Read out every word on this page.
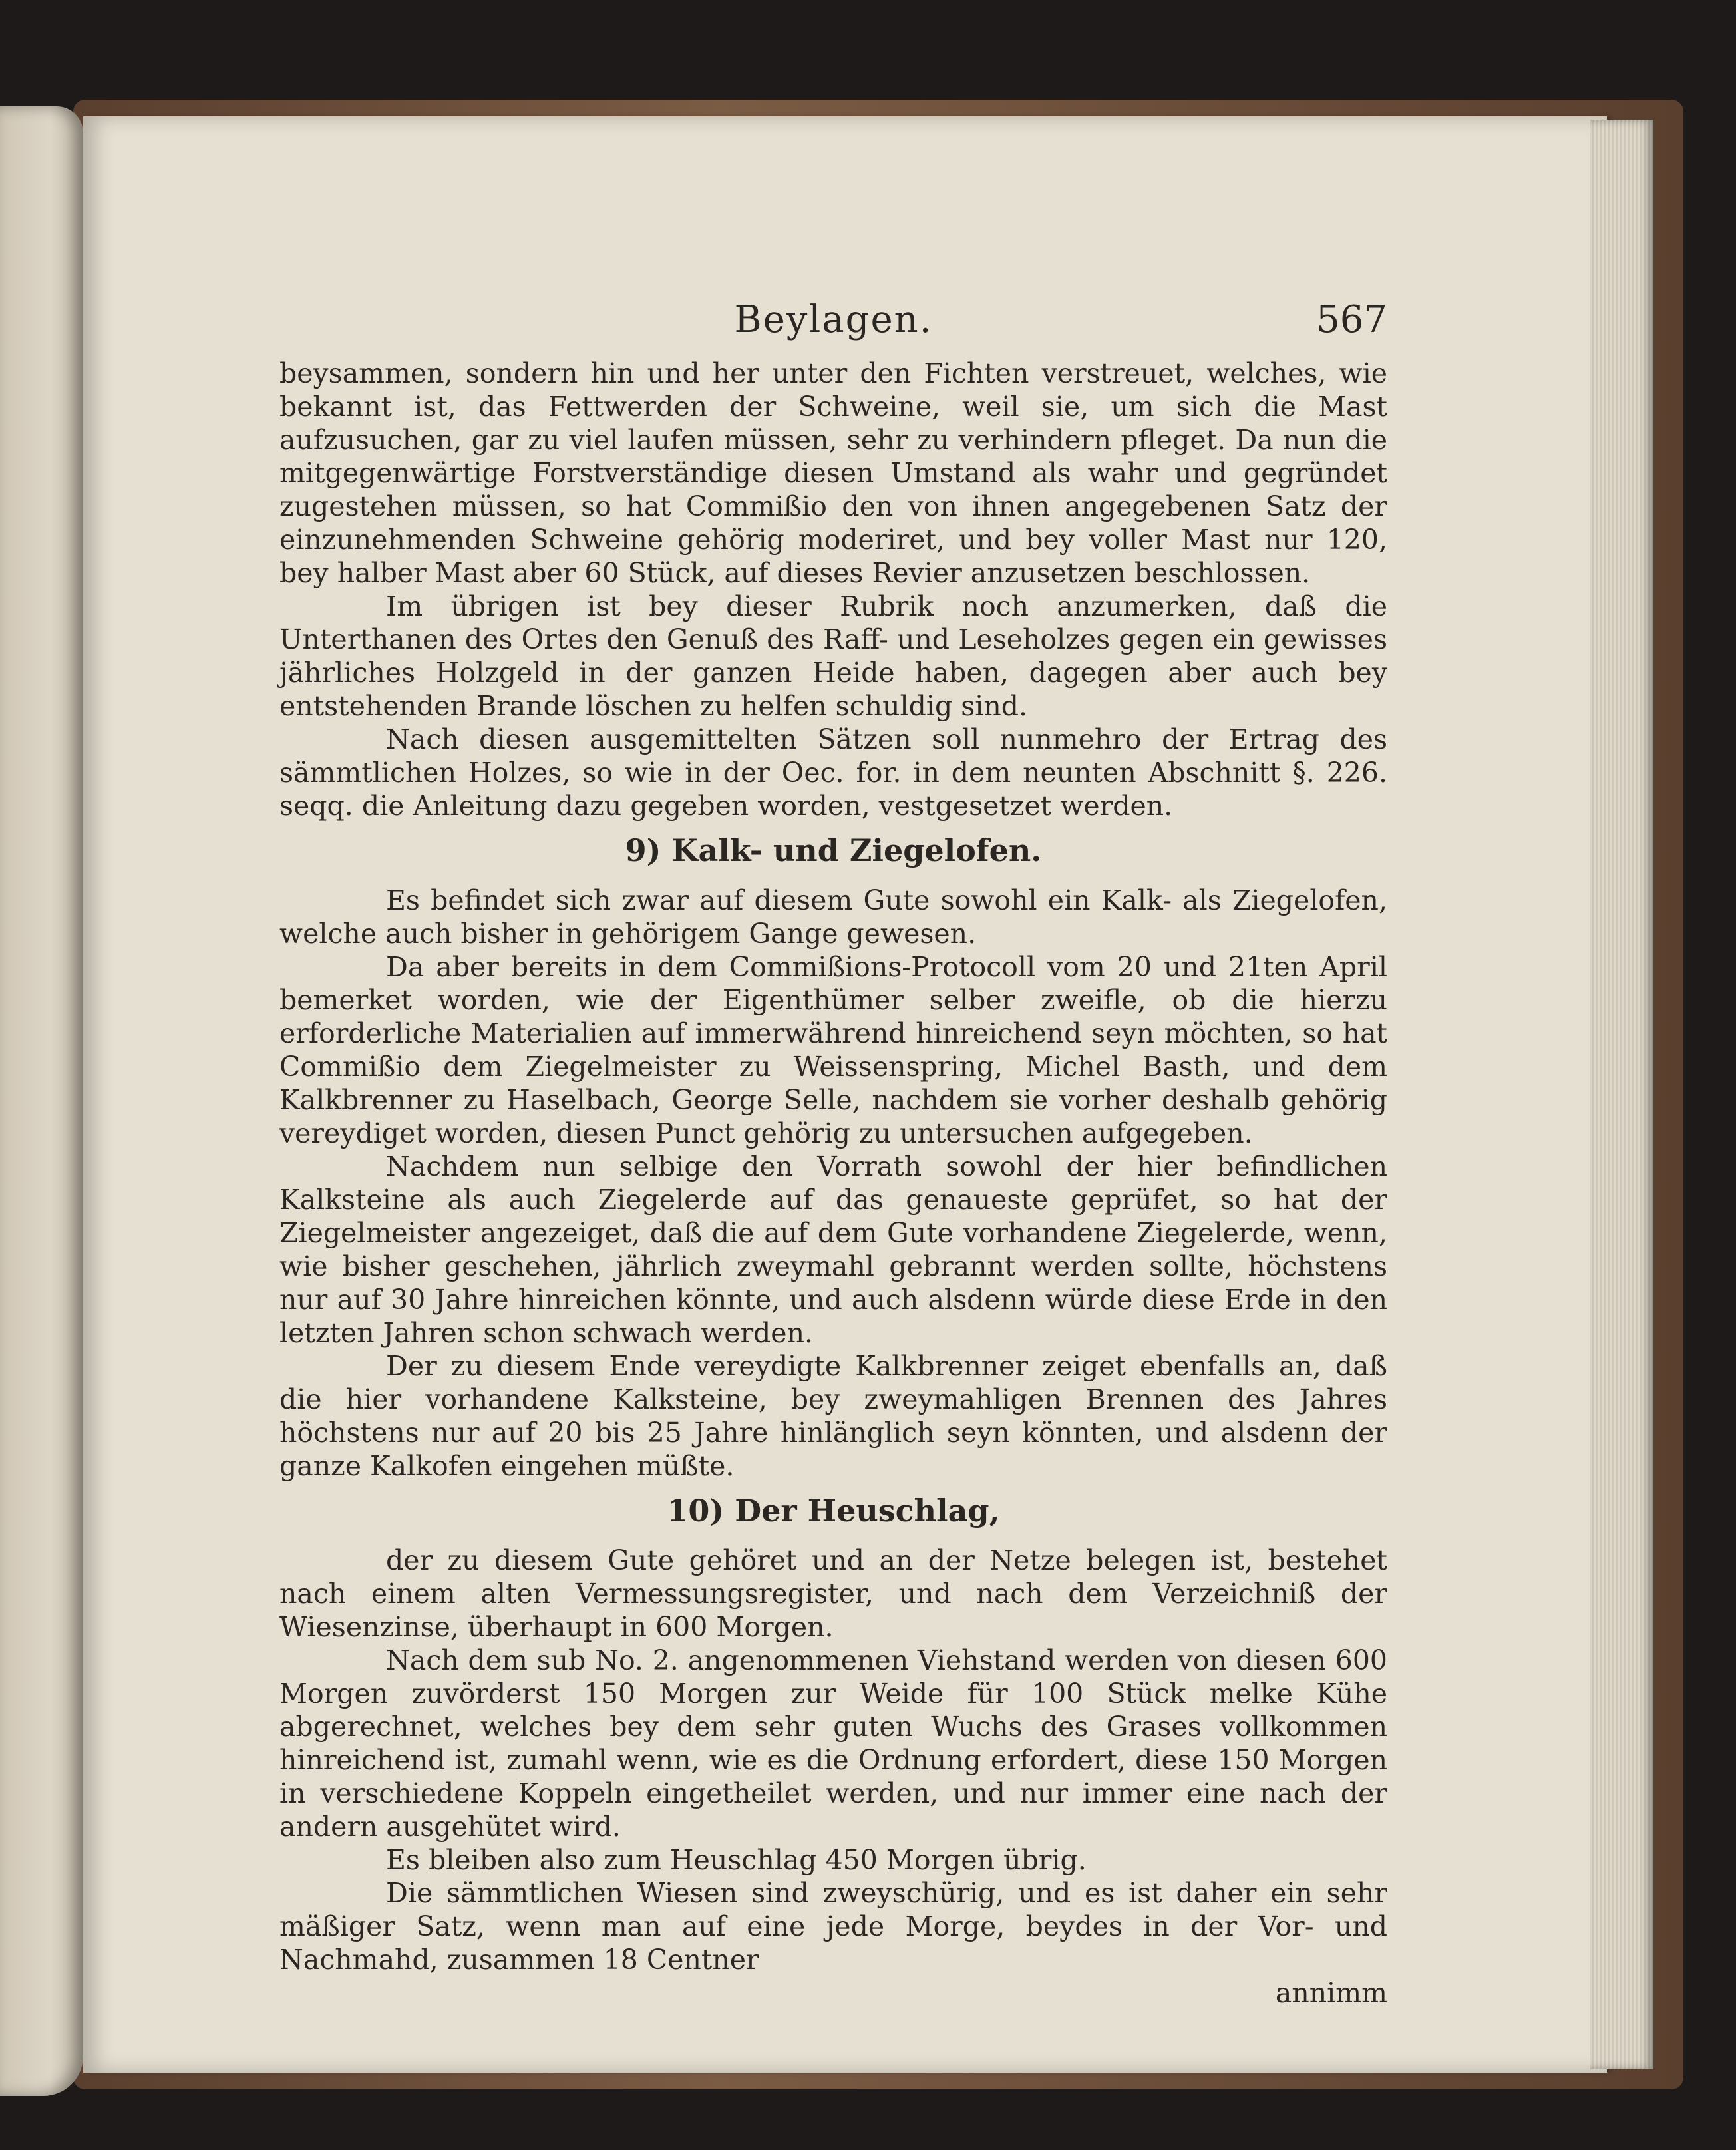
Beylagen.	567

beysammen, sondern hin und her unter den Fichten verstreuet, welches, wie bekannt ist, das Fettwerden der Schweine, weil sie, um sich die Mast aufzusuchen, gar zu viel laufen müssen, sehr zu verhindern pfleget. Da nun die mitgegenwärtige Forstverständige diesen Umstand als wahr und gegründet zugestehen müssen, so hat Commißio den von ihnen angegebenen Satz der einzunehmenden Schweine gehörig moderiret, und bey voller Mast nur 120, bey halber Mast aber 60 Stück, auf dieses Revier anzusetzen beschlossen.

Im übrigen ist bey dieser Rubrik noch anzumerken, daß die Unterthanen des Ortes den Genuß des Raff- und Leseholzes gegen ein gewisses jährliches Holzgeld in der ganzen Heide haben, dagegen aber auch bey entstehenden Brande löschen zu helfen schuldig sind.

Nach diesen ausgemittelten Sätzen soll nunmehro der Ertrag des sämmtlichen Holzes, so wie in der Oec. for. in dem neunten Abschnitt §. 226. seqq. die Anleitung dazu gegeben worden, vestgesetzet werden.

9) Kalk- und Ziegelofen.

Es befindet sich zwar auf diesem Gute sowohl ein Kalk- als Ziegelofen, welche auch bisher in gehörigem Gange gewesen.

Da aber bereits in dem Commißions-Protocoll vom 20 und 21ten April bemerket worden, wie der Eigenthümer selber zweifle, ob die hierzu erforderliche Materialien auf immerwährend hinreichend seyn möchten, so hat Commißio dem Ziegelmeister zu Weissenspring, Michel Basth, und dem Kalkbrenner zu Haselbach, George Selle, nachdem sie vorher deshalb gehörig vereydiget worden, diesen Punct gehörig zu untersuchen aufgegeben.

Nachdem nun selbige den Vorrath sowohl der hier befindlichen Kalksteine als auch Ziegelerde auf das genaueste geprüfet, so hat der Ziegelmeister angezeiget, daß die auf dem Gute vorhandene Ziegelerde, wenn, wie bisher geschehen, jährlich zweymahl gebrannt werden sollte, höchstens nur auf 30 Jahre hinreichen könnte, und auch alsdenn würde diese Erde in den letzten Jahren schon schwach werden.

Der zu diesem Ende vereydigte Kalkbrenner zeiget ebenfalls an, daß die hier vorhandene Kalksteine, bey zweymahligen Brennen des Jahres höchstens nur auf 20 bis 25 Jahre hinlänglich seyn könnten, und alsdenn der ganze Kalkofen eingehen müßte.

10) Der Heuschlag,

der zu diesem Gute gehöret und an der Netze belegen ist, bestehet nach einem alten Vermessungsregister, und nach dem Verzeichniß der Wiesenzinse, überhaupt in 600 Morgen.

Nach dem sub No. 2. angenommenen Viehstand werden von diesen 600 Morgen zuvörderst 150 Morgen zur Weide für 100 Stück melke Kühe abgerechnet, welches bey dem sehr guten Wuchs des Grases vollkommen hinreichend ist, zumahl wenn, wie es die Ordnung erfordert, diese 150 Morgen in verschiedene Koppeln eingetheilet werden, und nur immer eine nach der andern ausgehütet wird.

Es bleiben also zum Heuschlag 450 Morgen übrig.

Die sämmtlichen Wiesen sind zweyschürig, und es ist daher ein sehr mäßiger Satz, wenn man auf eine jede Morge, beydes in der Vor- und Nachmahd, zusammen 18 Centner

annimm
